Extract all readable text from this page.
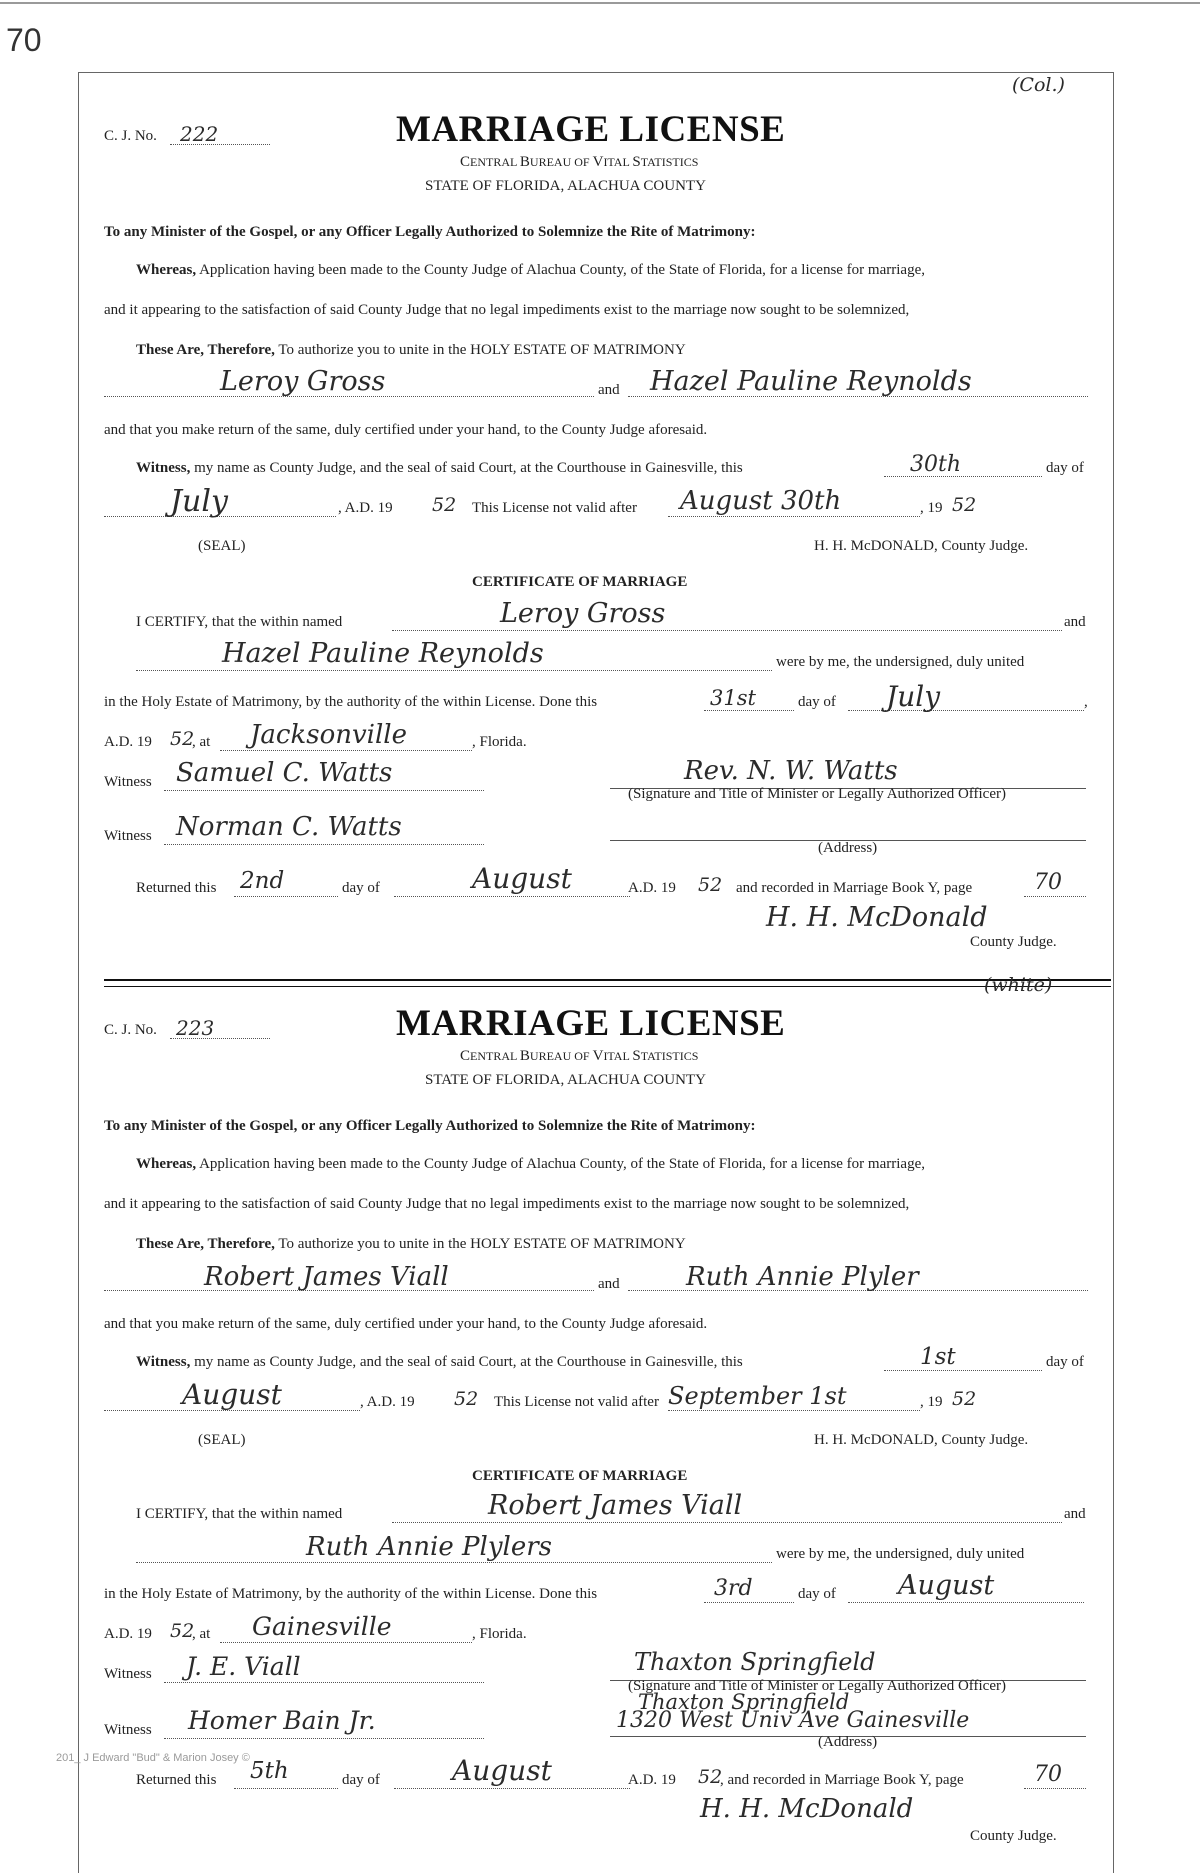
70
(Col.)
C. J. No. 222	MARRIAGE LICENSE
CENTRAL BUREAU OF VITAL STATISTICS
STATE OF FLORIDA, ALACHUA COUNTY
To any Minister of the Gospel, or any Officer Legally Authorized to Solemnize the Rite of Matrimony:
Whereas, Application having been made to the County Judge of Alachua County, of the State of Florida, for a license for marriage,
and it appearing to the satisfaction of said County Judge that no legal impediments exist to the marriage now sought to be solemnized,
These Are, Therefore, To authorize you to unite in the HOLY ESTATE OF MATRIMONY
Leroy Gross	and Hazel Pauline Reynolds
and that you make return of the same, duly certified under your hand, to the County Judge aforesaid.
Witness, my name as County Judge, and the seal of said Court, at the Courthouse in Gainesville, this	30th	day of
July	, A.D. 19 52 This License not valid after August 30th	, 19 52
(SEAL)	H. H. McDONALD, County Judge.
CERTIFICATE OF MARRIAGE
I CERTIFY, that the within named	Leroy Gross	and
Hazel Pauline Reynolds	were by me, the undersigned, duly united
in the Holy Estate of Matrimony, by the authority of the within License. Done this	31st	day of July	,
A.D. 19 52
, at Jacksonville	, Florida.
Witness Samuel C. Watts	Rev. N. W. Watts
(Signature and Title of Minister or Legally Authorized Officer)
Witness Norman C. Watts
(Address)
Returned this 2nd	day of	August	A.D. 19 52 and recorded in Marriage Book Y, page	70
H. H. McDonald
County Judge.
(white)
C. J. No. 223	MARRIAGE LICENSE
CENTRAL BUREAU OF VITAL STATISTICS
STATE OF FLORIDA, ALACHUA COUNTY
To any Minister of the Gospel, or any Officer Legally Authorized to Solemnize the Rite of Matrimony:
Whereas, Application having been made to the County Judge of Alachua County, of the State of Florida, for a license for marriage,
and it appearing to the satisfaction of said County Judge that no legal impediments exist to the marriage now sought to be solemnized,
These Are, Therefore, To authorize you to unite in the HOLY ESTATE OF MATRIMONY
Robert James Viall	and	Ruth Annie Plyler
and that you make return of the same, duly certified under your hand, to the County Judge aforesaid.
Witness, my name as County Judge, and the seal of said Court, at the Courthouse in Gainesville, this	1st	day of
August	, A.D. 19 52 This License not valid after September 1st	, 19 52
(SEAL)	H. H. McDONALD, County Judge.
CERTIFICATE OF MARRIAGE
I CERTIFY, that the within named	Robert James Viall	and
Ruth Annie Plylers	were by me, the undersigned, duly united
in the Holy Estate of Matrimony, by the authority of the within License. Done this	3rd	day of August
A.D. 19 52
, at Gainesville	, Florida.
Witness J. E. Viall	Thaxton Springfield
(Signature and Title of Minister or Legally Authorized Officer)
Thaxton Springfield
Witness Homer Bain Jr.	1320 West Univ Ave Gainesville
(Address)
Returned this 5th	day of	August	A.D. 19 52
, and recorded in Marriage Book Y, page	70
H. H. McDonald
County Judge.
201_ J Edward "Bud" & Marion Josey ©
